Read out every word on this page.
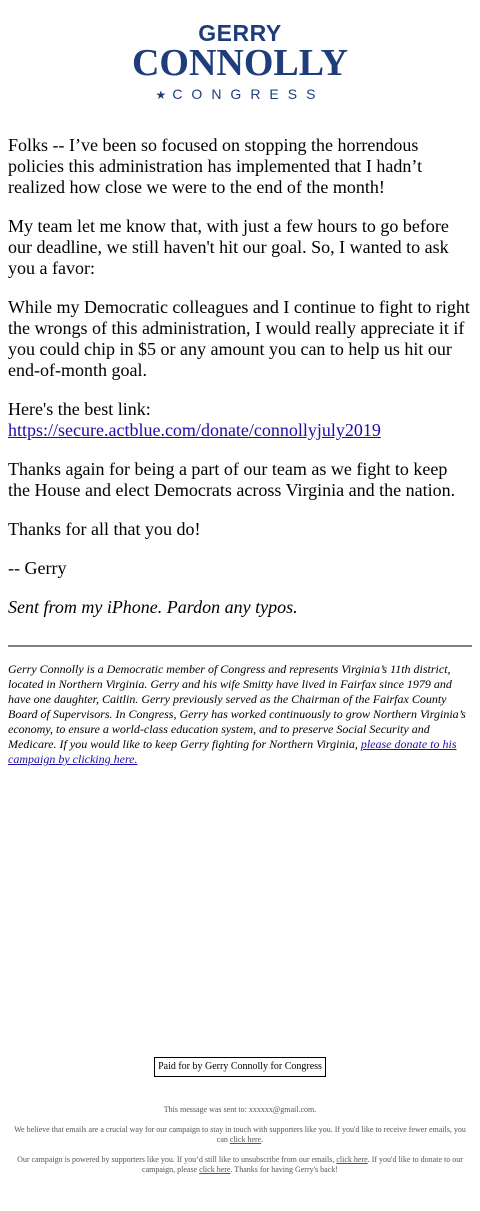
GERRY
CONNOLLY
★CONGRESS

Folks -- I’ve been so focused on stopping the horrendous policies this administration has implemented that I hadn’t realized how close we were to the end of the month!

My team let me know that, with just a few hours to go before our deadline, we still haven't hit our goal. So, I wanted to ask you a favor:

While my Democratic colleagues and I continue to fight to right the wrongs of this administration, I would really appreciate it if you could chip in $5 or any amount you can to help us hit our end-of-month goal.

Here's the best link: https://secure.actblue.com/donate/connollyjuly2019

Thanks again for being a part of our team as we fight to keep the House and elect Democrats across Virginia and the nation.

Thanks for all that you do!

-- Gerry

Sent from my iPhone. Pardon any typos.

Gerry Connolly is a Democratic member of Congress and represents Virginia’s 11th district, located in Northern Virginia. Gerry and his wife Smitty have lived in Fairfax since 1979 and have one daughter, Caitlin. Gerry previously served as the Chairman of the Fairfax County Board of Supervisors. In Congress, Gerry has worked continuously to grow Northern Virginia’s economy, to ensure a world-class education system, and to preserve Social Security and Medicare. If you would like to keep Gerry fighting for Northern Virginia, please donate to his campaign by clicking here.
Paid for by Gerry Connolly for Congress

This message was sent to: xxxxxx@gmail.com.

We believe that emails are a crucial way for our campaign to stay in touch with supporters like you. If you'd like to receive fewer emails, you can click here.

Our campaign is powered by supporters like you. If you’d still like to unsubscribe from our emails, click here. If you'd like to donate to our campaign, please click here. Thanks for having Gerry's back!
